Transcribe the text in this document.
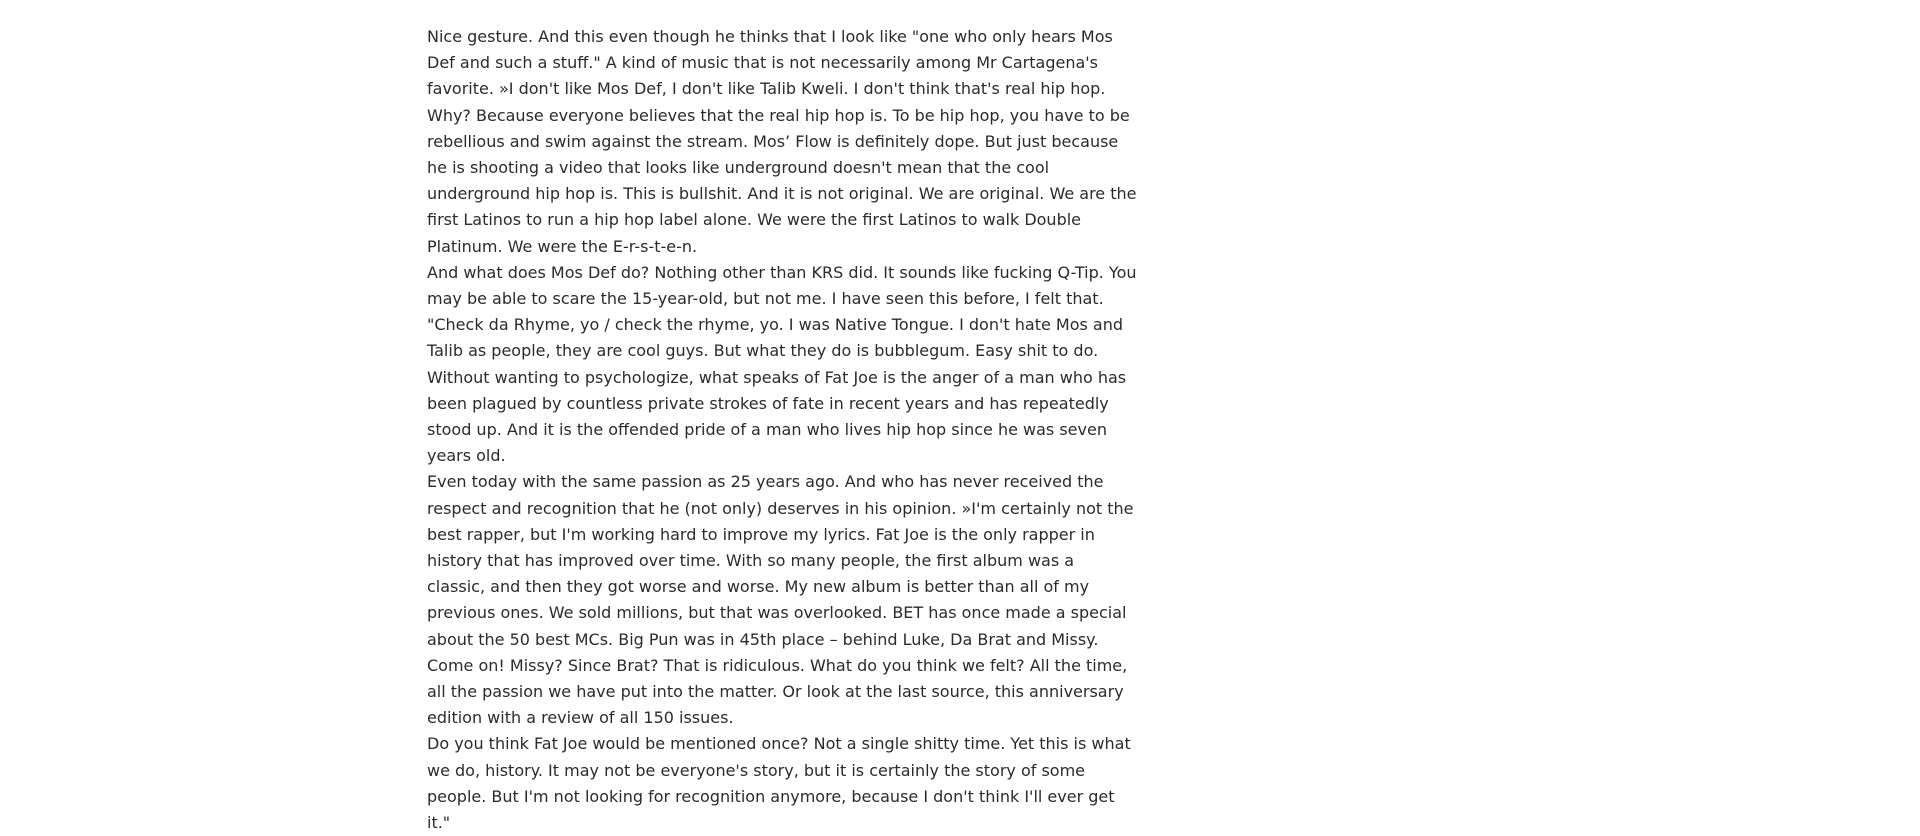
Nice gesture. And this even though he thinks that I look like "one who only hears Mos Def and such a stuff." A kind of music that is not necessarily among Mr Cartagena's favorite. »I don't like Mos Def, I don't like Talib Kweli. I don't think that's real hip hop. Why? Because everyone believes that the real hip hop is. To be hip hop, you have to be rebellious and swim against the stream. Mos’ Flow is definitely dope. But just because he is shooting a video that looks like underground doesn't mean that the cool underground hip hop is. This is bullshit. And it is not original. We are original. We are the first Latinos to run a hip hop label alone. We were the first Latinos to walk Double Platinum. We were the E-r-s-t-e-n.
And what does Mos Def do? Nothing other than KRS did. It sounds like fucking Q-Tip. You may be able to scare the 15-year-old, but not me. I have seen this before, I felt that.
"Check da Rhyme, yo / check the rhyme, yo. I was Native Tongue. I don't hate Mos and Talib as people, they are cool guys. But what they do is bubblegum. Easy shit to do.
Without wanting to psychologize, what speaks of Fat Joe is the anger of a man who has been plagued by countless private strokes of fate in recent years and has repeatedly stood up. And it is the offended pride of a man who lives hip hop since he was seven years old.
Even today with the same passion as 25 years ago. And who has never received the respect and recognition that he (not only) deserves in his opinion. »I'm certainly not the best rapper, but I'm working hard to improve my lyrics. Fat Joe is the only rapper in history that has improved over time. With so many people, the first album was a classic, and then they got worse and worse. My new album is better than all of my previous ones. We sold millions, but that was overlooked. BET has once made a special about the 50 best MCs. Big Pun was in 45th place – behind Luke, Da Brat and Missy. Come on! Missy? Since Brat? That is ridiculous. What do you think we felt? All the time, all the passion we have put into the matter. Or look at the last source, this anniversary edition with a review of all 150 issues.
Do you think Fat Joe would be mentioned once? Not a single shitty time. Yet this is what we do, history. It may not be everyone's story, but it is certainly the story of some people. But I'm not looking for recognition anymore, because I don't think I'll ever get it."
